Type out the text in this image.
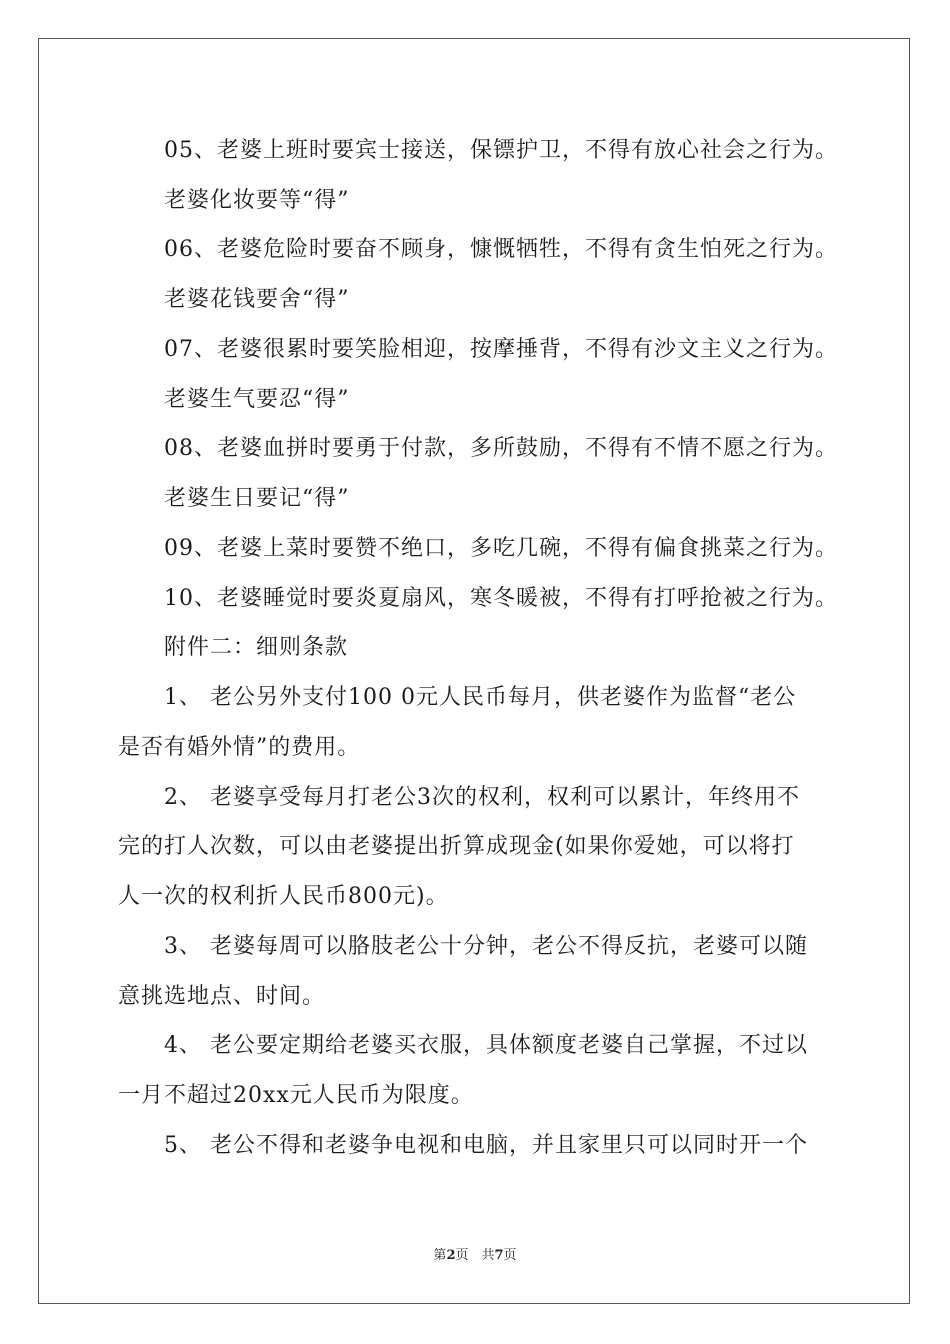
05、老婆上班时要宾士接送，保镖护卫，不得有放心社会之行为。
老婆化妆要等“得”
06、老婆危险时要奋不顾身，慷慨牺牲，不得有贪生怕死之行为。
老婆花钱要舍“得”
07、老婆很累时要笑脸相迎，按摩捶背，不得有沙文主义之行为。
老婆生气要忍“得”
08、老婆血拼时要勇于付款，多所鼓励，不得有不情不愿之行为。
老婆生日要记“得”
09、老婆上菜时要赞不绝口，多吃几碗，不得有偏食挑菜之行为。
10、老婆睡觉时要炎夏扇风，寒冬暖被，不得有打呼抢被之行为。
附件二：细则条款
1、 老公另外支付100 0元人民币每月，供老婆作为监督“老公
是否有婚外情”的费用。
2、 老婆享受每月打老公3次的权利，权利可以累计，年终用不
完的打人次数，可以由老婆提出折算成现金(如果你爱她，可以将打
人一次的权利折人民币800元)。
3、 老婆每周可以胳肢老公十分钟，老公不得反抗，老婆可以随
意挑选地点、时间。
4、 老公要定期给老婆买衣服，具体额度老婆自己掌握，不过以
一月不超过20xx元人民币为限度。
5、 老公不得和老婆争电视和电脑，并且家里只可以同时开一个
第2页　共7页
